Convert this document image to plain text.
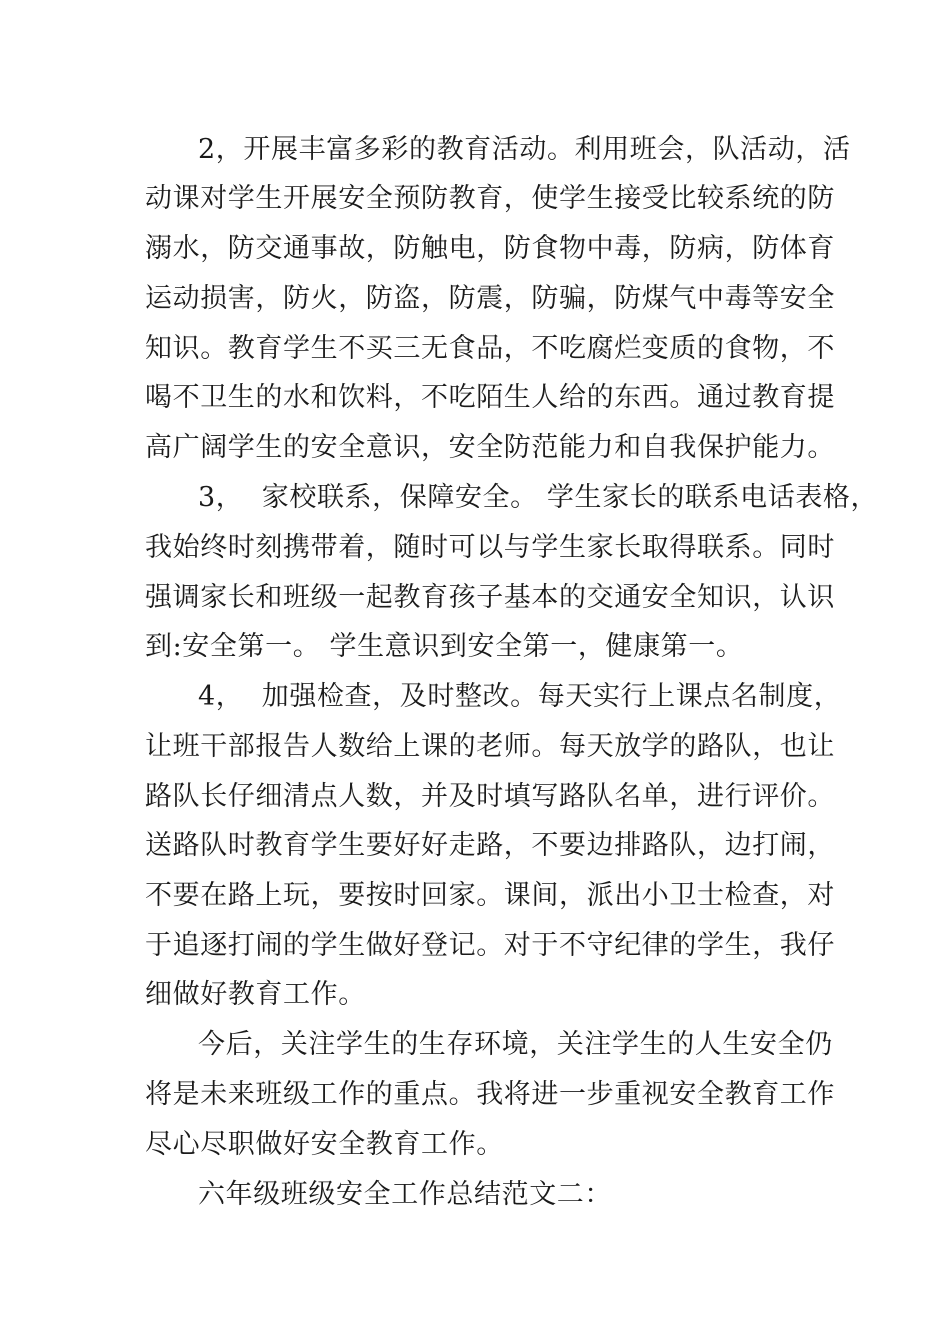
2，开展丰富多彩的教育活动。利用班会，队活动，活

动课对学生开展安全预防教育，使学生接受比较系统的防

溺水，防交通事故，防触电，防食物中毒，防病，防体育

运动损害，防火，防盗，防震，防骗，防煤气中毒等安全

知识。教育学生不买三无食品，不吃腐烂变质的食物，不

喝不卫生的水和饮料，不吃陌生人给的东西。通过教育提

高广阔学生的安全意识，安全防范能力和自我保护能力。

3，  家校联系，保障安全。 学生家长的联系电话表格，

我始终时刻携带着，随时可以与学生家长取得联系。同时

强调家长和班级一起教育孩子基本的交通安全知识，认识

到:安全第一。 学生意识到安全第一，健康第一。

4，  加强检查，及时整改。每天实行上课点名制度，

让班干部报告人数给上课的老师。每天放学的路队，也让

路队长仔细清点人数，并及时填写路队名单，进行评价。

送路队时教育学生要好好走路，不要边排路队，边打闹，

不要在路上玩，要按时回家。课间，派出小卫士检查，对

于追逐打闹的学生做好登记。对于不守纪律的学生，我仔

细做好教育工作。

今后，关注学生的生存环境，关注学生的人生安全仍

将是未来班级工作的重点。我将进一步重视安全教育工作

尽心尽职做好安全教育工作。

六年级班级安全工作总结范文二：
